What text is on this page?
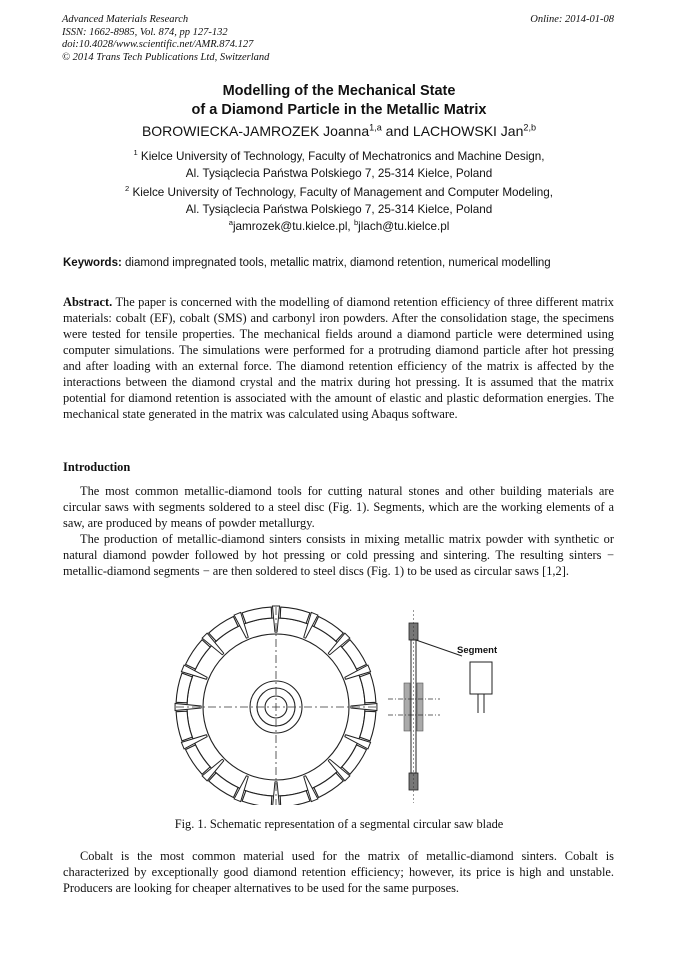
Advanced Materials Research
ISSN: 1662-8985, Vol. 874, pp 127-132
doi:10.4028/www.scientific.net/AMR.874.127
© 2014 Trans Tech Publications Ltd, Switzerland
Online: 2014-01-08
Modelling of the Mechanical State
of a Diamond Particle in the Metallic Matrix
BOROWIECKA-JAMROZEK Joanna$^{1,a}$ and LACHOWSKI Jan$^{2,b}$
$^1$ Kielce University of Technology, Faculty of Mechatronics and Machine Design,
Al. Tysiąclecia Państwa Polskiego 7, 25-314 Kielce, Poland
$^2$ Kielce University of Technology, Faculty of Management and Computer Modeling,
Al. Tysiąclecia Państwa Polskiego 7, 25-314 Kielce, Poland
$^a$jamrozek@tu.kielce.pl, $^b$jlach@tu.kielce.pl
Keywords: diamond impregnated tools, metallic matrix, diamond retention, numerical modelling
Abstract. The paper is concerned with the modelling of diamond retention efficiency of three different matrix materials: cobalt (EF), cobalt (SMS) and carbonyl iron powders. After the consolidation stage, the specimens were tested for tensile properties. The mechanical fields around a diamond particle were determined using computer simulations. The simulations were performed for a protruding diamond particle after hot pressing and after loading with an external force. The diamond retention efficiency of the matrix is affected by the interactions between the diamond crystal and the matrix during hot pressing. It is assumed that the matrix potential for diamond retention is associated with the amount of elastic and plastic deformation energies. The mechanical state generated in the matrix was calculated using Abaqus software.
Introduction
The most common metallic-diamond tools for cutting natural stones and other building materials are circular saws with segments soldered to a steel disc (Fig. 1). Segments, which are the working elements of a saw, are produced by means of powder metallurgy.
The production of metallic-diamond sinters consists in mixing metallic matrix powder with synthetic or natural diamond powder followed by hot pressing or cold pressing and sintering. The resulting sinters − metallic-diamond segments − are then soldered to steel discs (Fig. 1) to be used as circular saws [1,2].
Segment
Fig. 1. Schematic representation of a segmental circular saw blade
Cobalt is the most common material used for the matrix of metallic-diamond sinters. Cobalt is characterized by exceptionally good diamond retention efficiency; however, its price is high and unstable. Producers are looking for cheaper alternatives to be used for the same purposes.
